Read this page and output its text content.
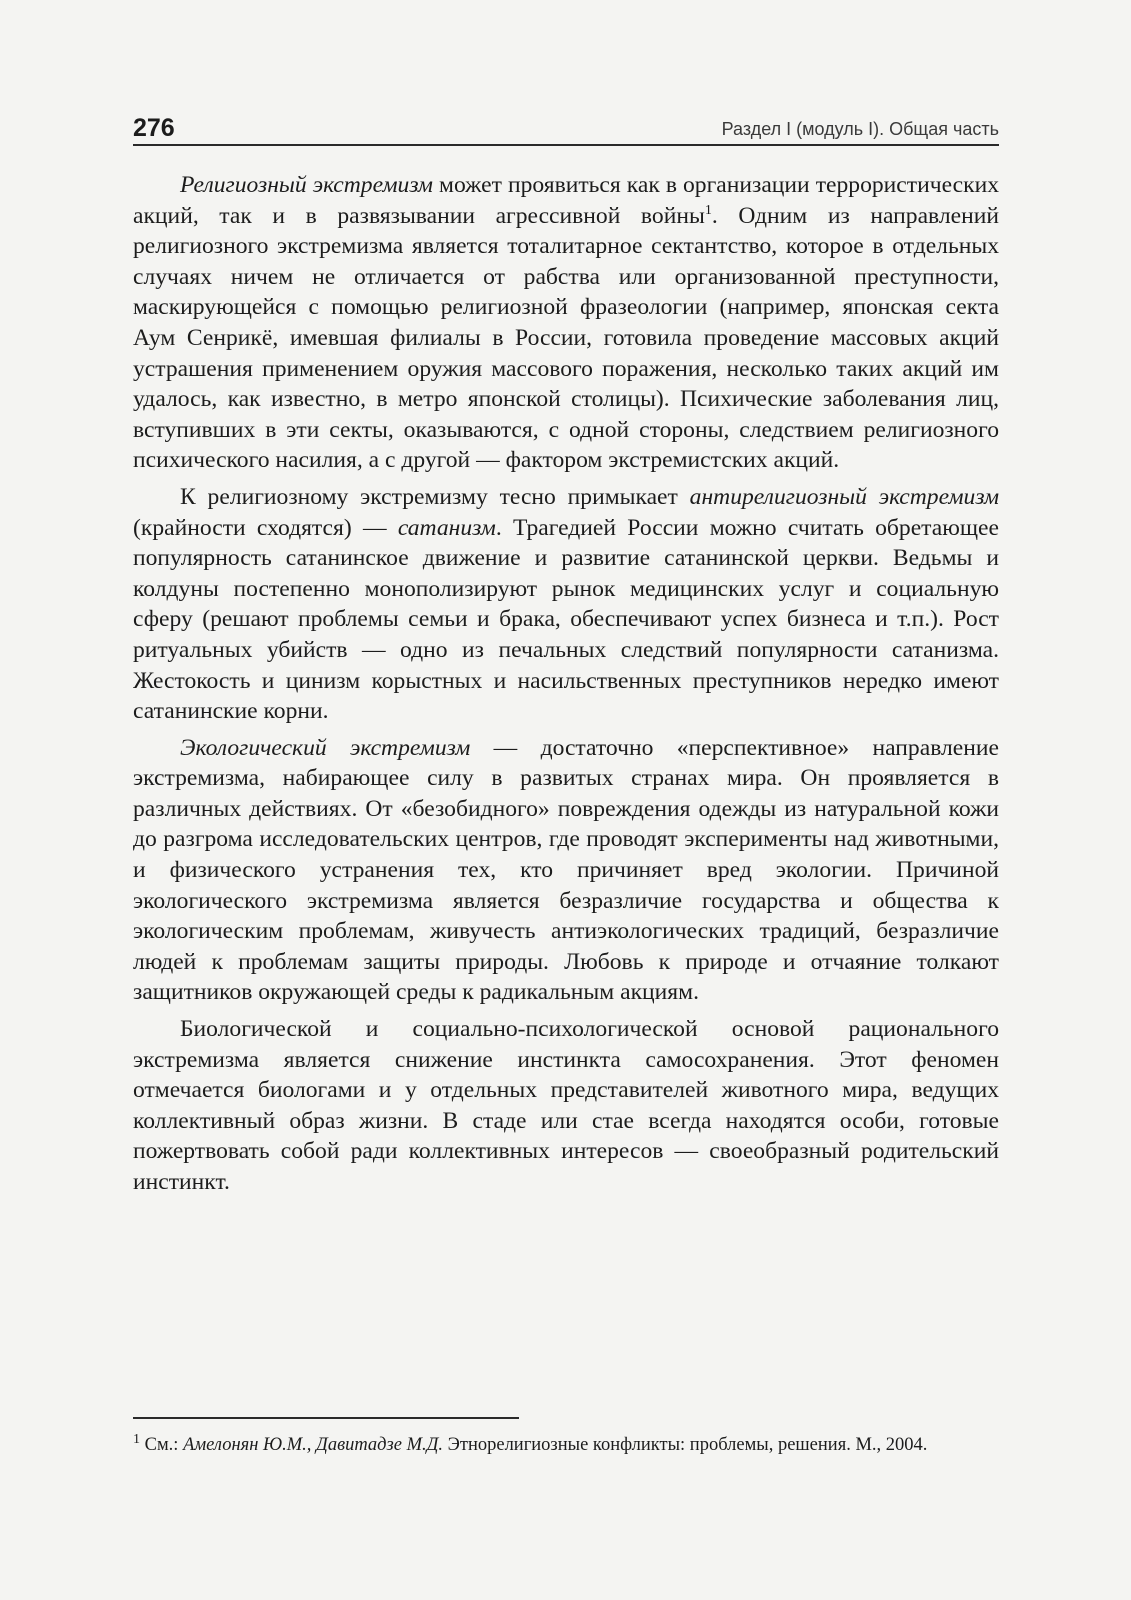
276	Раздел I (модуль I). Общая часть

Религиозный экстремизм может проявиться как в организации террористических акций, так и в развязывании агрессивной войны$^1$. Одним из направлений религиозного экстремизма является тоталитарное сектантство, которое в отдельных случаях ничем не отличается от рабства или организованной преступности, маскирующейся с помощью религиозной фразеологии (например, японская секта Аум Сенрикё, имевшая филиалы в России, готовила проведение массовых акций устрашения применением оружия массового поражения, несколько таких акций им удалось, как известно, в метро японской столицы). Психические заболевания лиц, вступивших в эти секты, оказываются, с одной стороны, следствием религиозного психического насилия, а с другой — фактором экстремистских акций.

К религиозному экстремизму тесно примыкает антирелигиозный экстремизм (крайности сходятся) — сатанизм. Трагедией России можно считать обретающее популярность сатанинское движение и развитие сатанинской церкви. Ведьмы и колдуны постепенно монополизируют рынок медицинских услуг и социальную сферу (решают проблемы семьи и брака, обеспечивают успех бизнеса и т.п.). Рост ритуальных убийств — одно из печальных следствий популярности сатанизма. Жестокость и цинизм корыстных и насильственных преступников нередко имеют сатанинские корни.

Экологический экстремизм — достаточно «перспективное» направление экстремизма, набирающее силу в развитых странах мира. Он проявляется в различных действиях. От «безобидного» повреждения одежды из натуральной кожи до разгрома исследовательских центров, где проводят эксперименты над животными, и физического устранения тех, кто причиняет вред экологии. Причиной экологического экстремизма является безразличие государства и общества к экологическим проблемам, живучесть антиэкологических традиций, безразличие людей к проблемам защиты природы. Любовь к природе и отчаяние толкают защитников окружающей среды к радикальным акциям.

Биологической и социально-психологической основой рационального экстремизма является снижение инстинкта самосохранения. Этот феномен отмечается биологами и у отдельных представителей животного мира, ведущих коллективный образ жизни. В стаде или стае всегда находятся особи, готовые пожертвовать собой ради коллективных интересов — своеобразный родительский инстинкт.

$^1$ См.: Амелонян Ю.М., Давитадзе М.Д. Этнорелигиозные конфликты: проблемы, решения. М., 2004.
